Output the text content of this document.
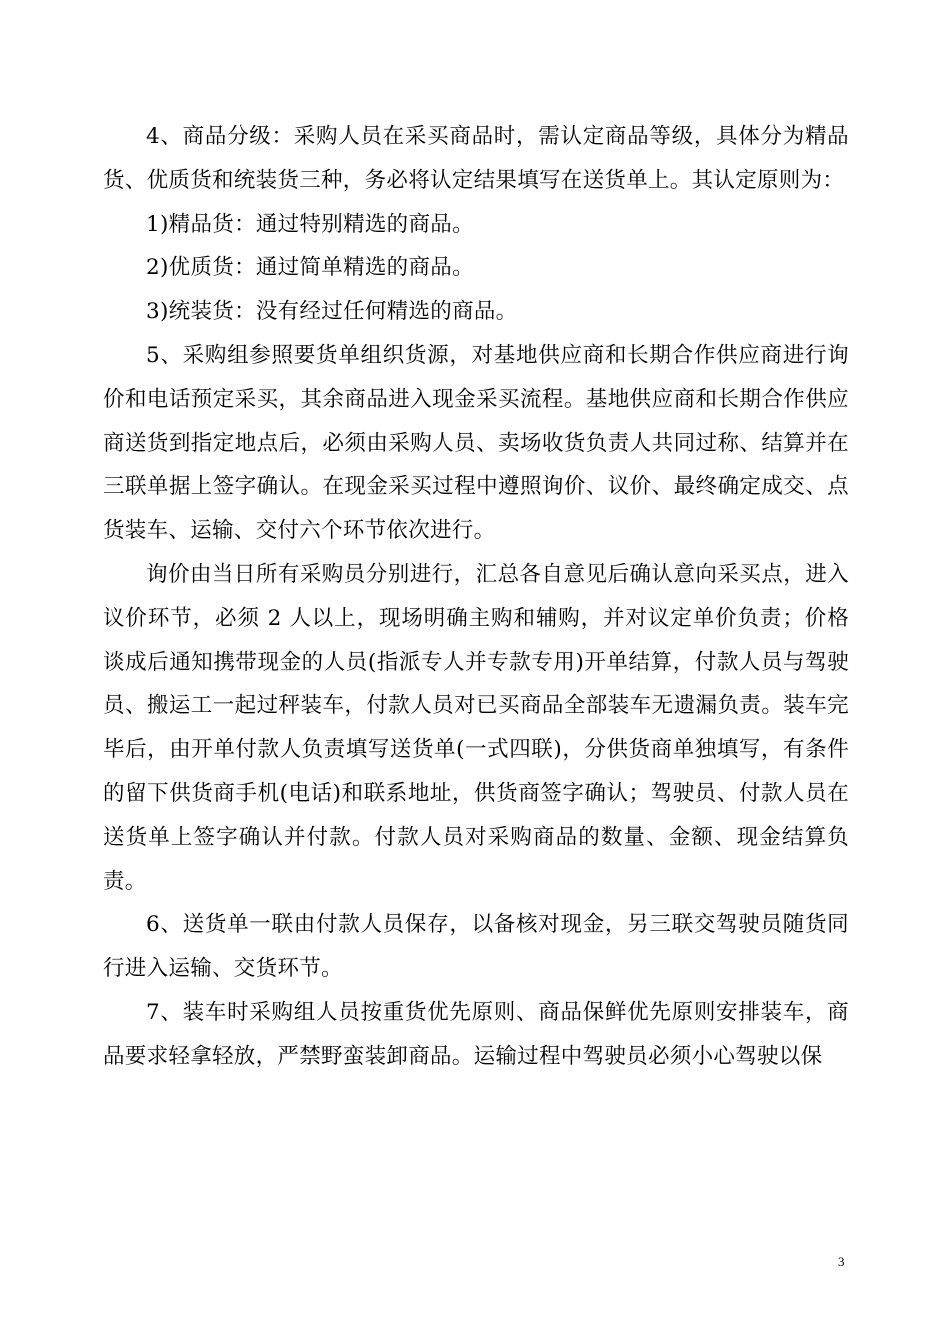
4、商品分级：采购人员在采买商品时，需认定商品等级，具体分为精品货、优质货和统装货三种，务必将认定结果填写在送货单上。其认定原则为：

1)精品货：通过特别精选的商品。

2)优质货：通过简单精选的商品。

3)统装货：没有经过任何精选的商品。

5、采购组参照要货单组织货源，对基地供应商和长期合作供应商进行询价和电话预定采买，其余商品进入现金采买流程。基地供应商和长期合作供应商送货到指定地点后，必须由采购人员、卖场收货负责人共同过称、结算并在三联单据上签字确认。在现金采买过程中遵照询价、议价、最终确定成交、点货装车、运输、交付六个环节依次进行。

询价由当日所有采购员分别进行，汇总各自意见后确认意向采买点，进入议价环节，必须 2 人以上，现场明确主购和辅购，并对议定单价负责；价格谈成后通知携带现金的人员(指派专人并专款专用)开单结算，付款人员与驾驶员、搬运工一起过秤装车，付款人员对已买商品全部装车无遗漏负责。装车完毕后，由开单付款人负责填写送货单(一式四联)，分供货商单独填写，有条件的留下供货商手机(电话)和联系地址，供货商签字确认；驾驶员、付款人员在送货单上签字确认并付款。付款人员对采购商品的数量、金额、现金结算负责。

6、送货单一联由付款人员保存，以备核对现金，另三联交驾驶员随货同行进入运输、交货环节。

7、装车时采购组人员按重货优先原则、商品保鲜优先原则安排装车，商品要求轻拿轻放，严禁野蛮装卸商品。运输过程中驾驶员必须小心驾驶以保

3
